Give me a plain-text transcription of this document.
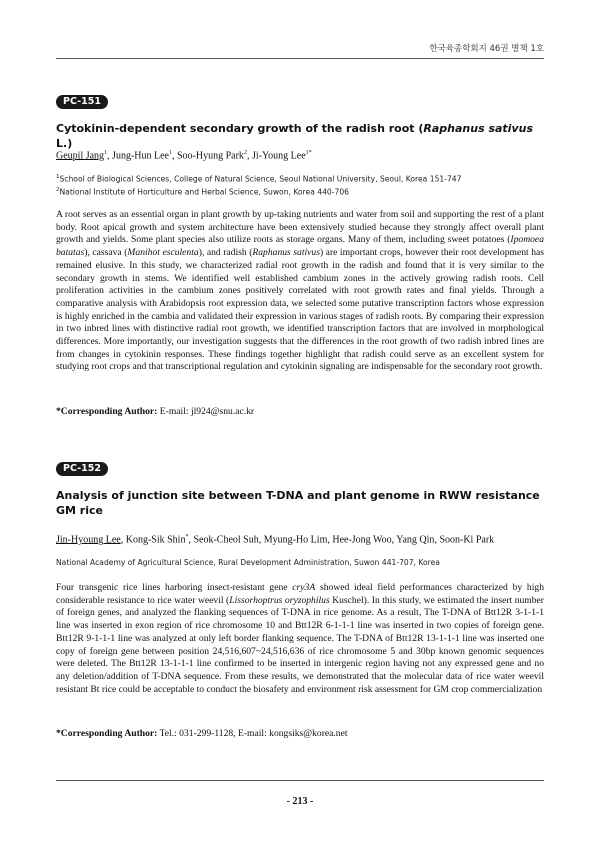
한국육종학회지 46권 별책 1호
PC-151
Cytokinin-dependent secondary growth of the radish root (Raphanus sativus L.)
Geupil Jang$^1$, Jung-Hun Lee$^1$, Soo-Hyung Park$^2$, Ji-Young Lee$^{1*}$
$^1$School of Biological Sciences, College of Natural Science, Seoul National University, Seoul, Korea 151-747
$^2$National Institute of Horticulture and Herbal Science, Suwon, Korea 440-706
A root serves as an essential organ in plant growth by up-taking nutrients and water from soil and supporting the rest of a plant body. Root apical growth and system architecture have been extensively studied because they strongly affect overall plant growth and yields. Some plant species also utilize roots as storage organs. Many of them, including sweet potatoes (Ipomoea batatas), cassava (Manihot esculenta), and radish (Raphanus sativus) are important crops, however their root development has remained elusive. In this study, we characterized radial root growth in the radish and found that it is very similar to the secondary growth in stems. We identified well established cambium zones in the actively growing radish roots. Cell proliferation activities in the cambium zones positively correlated with root growth rates and final yields. Through a comparative analysis with Arabidopsis root expression data, we selected some putative transcription factors whose expression is highly enriched in the cambia and validated their expression in various stages of radish roots. By comparing their expression in two inbred lines with distinctive radial root growth, we identified transcription factors that are involved in morphological differences. More importantly, our investigation suggests that the differences in the root growth of two radish inbred lines are from changes in cytokinin responses. These findings together highlight that radish could serve as an excellent system for studying root crops and that transcriptional regulation and cytokinin signaling are indispensable for the secondary root growth.
*Corresponding Author: E-mail: jl924@snu.ac.kr
PC-152
Analysis of junction site between T-DNA and plant genome in RWW resistance GM rice
Jin-Hyoung Lee, Kong-Sik Shin*, Seok-Cheol Suh, Myung-Ho Lim, Hee-Jong Woo, Yang Qin, Soon-Ki Park
National Academy of Agricultural Science, Rural Development Administration, Suwon 441-707, Korea
Four transgenic rice lines harboring insect-resistant gene cry3A showed ideal field performances characterized by high considerable resistance to rice water weevil (Lissorhoptrus oryzophilus Kuschel). In this study, we estimated the insert number of foreign genes, and analyzed the flanking sequences of T-DNA in rice genome. As a result, The T-DNA of Btt12R 3-1-1-1 line was inserted in exon region of rice chromosome 10 and Btt12R 6-1-1-1 line was inserted in two copies of foreign gene. Btt12R 9-1-1-1 line was analyzed at only left border flanking sequence. The T-DNA of Btt12R 13-1-1-1 line was inserted one copy of foreign gene between position 24,516,607~24,516,636 of rice chromosome 5 and 30bp known genomic sequences were deleted. The Btt12R 13-1-1-1 line confirmed to be inserted in intergenic region having not any expressed gene and no any deletion/addition of T-DNA sequence. From these results, we demonstrated that the molecular data of rice water weevil resistant Bt rice could be acceptable to conduct the biosafety and environment risk assessment for GM crop commercialization
*Corresponding Author: Tel.: 031-299-1128, E-mail: kongsiks@korea.net
- 213 -
